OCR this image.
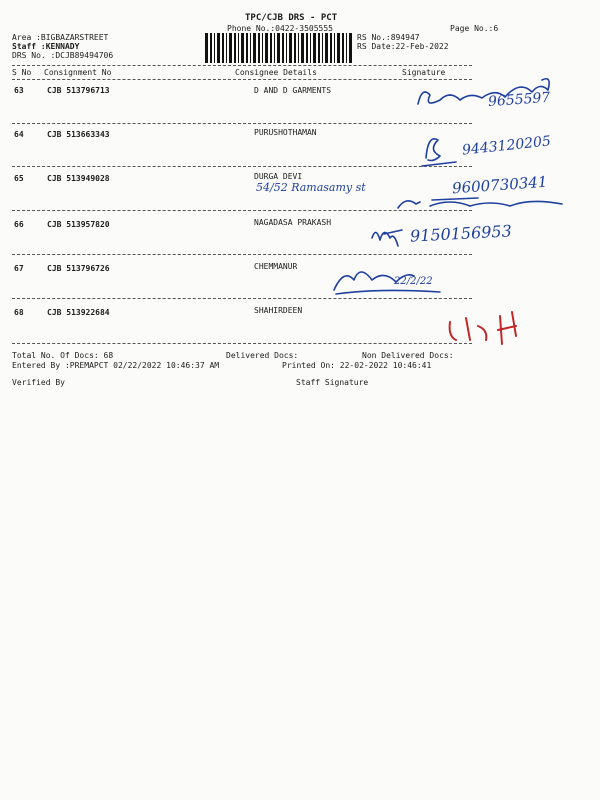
TPC/CJB DRS - PCT
Phone No.:0422-3505555	Page No.:6
Area :BIGBAZARSTREET
Staff :KENNADY
DRS No. :DCJB89494706
RS No.:894947
RS Date:22-Feb-2022
S No Consignment No	Consignee Details	Signature
63	CJB 513796713	D AND D GARMENTS
64	CJB 513663343	PURUSHOTHAMAN
65	CJB 513949028	DURGA DEVI
66	CJB 513957820	NAGADASA PRAKASH
67	CJB 513796726	CHEMMANUR
68	CJB 513922684	SHAHIRDEEN
Total No. Of Docs: 68	Delivered Docs:	Non Delivered Docs:
Entered By :PREMAPCT 02/22/2022 10:46:37 AM	Printed On: 22-02-2022 10:46:41
Verified By	Staff Signature
9655597
9443120205
54/52 Ramasamy st	9600730341
9150156953
22/2/22
